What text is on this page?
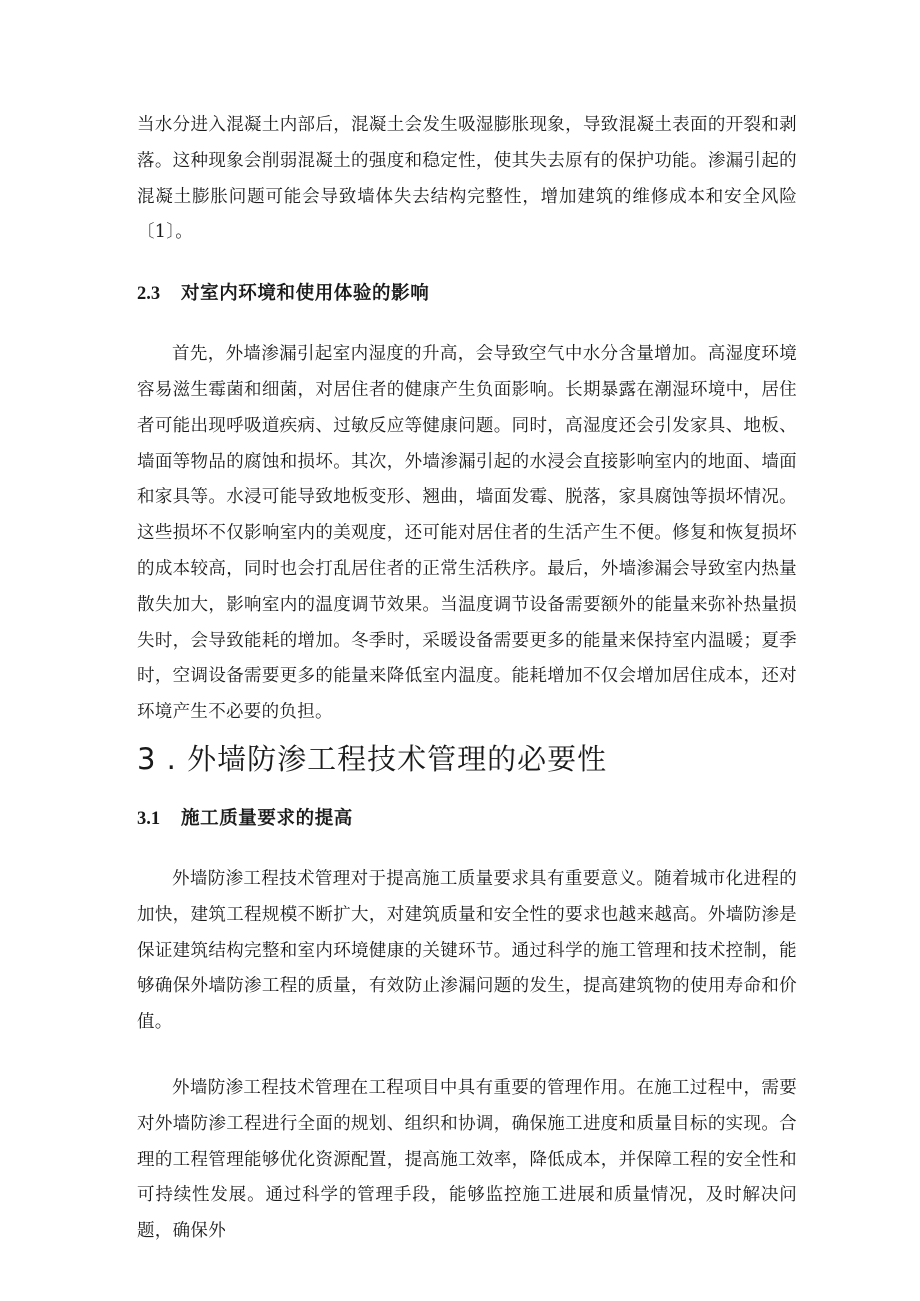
当水分进入混凝土内部后，混凝土会发生吸湿膨胀现象，导致混凝土表面的开裂和剥落。这种现象会削弱混凝土的强度和稳定性，使其失去原有的保护功能。渗漏引起的混凝土膨胀问题可能会导致墙体失去结构完整性，增加建筑的维修成本和安全风险〔1〕。

2.3	对室内环境和使用体验的影响

首先，外墙渗漏引起室内湿度的升高，会导致空气中水分含量增加。高湿度环境容易滋生霉菌和细菌，对居住者的健康产生负面影响。长期暴露在潮湿环境中，居住者可能出现呼吸道疾病、过敏反应等健康问题。同时，高湿度还会引发家具、地板、墙面等物品的腐蚀和损坏。其次，外墙渗漏引起的水浸会直接影响室内的地面、墙面和家具等。水浸可能导致地板变形、翘曲，墙面发霉、脱落，家具腐蚀等损坏情况。这些损坏不仅影响室内的美观度，还可能对居住者的生活产生不便。修复和恢复损坏的成本较高，同时也会打乱居住者的正常生活秩序。最后，外墙渗漏会导致室内热量散失加大，影响室内的温度调节效果。当温度调节设备需要额外的能量来弥补热量损失时，会导致能耗的增加。冬季时，采暖设备需要更多的能量来保持室内温暖；夏季时，空调设备需要更多的能量来降低室内温度。能耗增加不仅会增加居住成本，还对环境产生不必要的负担。

3 . 外墙防渗工程技术管理的必要性
3.1	施工质量要求的提高

外墙防渗工程技术管理对于提高施工质量要求具有重要意义。随着城市化进程的加快，建筑工程规模不断扩大，对建筑质量和安全性的要求也越来越高。外墙防渗是保证建筑结构完整和室内环境健康的关键环节。通过科学的施工管理和技术控制，能够确保外墙防渗工程的质量，有效防止渗漏问题的发生，提高建筑物的使用寿命和价值。

外墙防渗工程技术管理在工程项目中具有重要的管理作用。在施工过程中，需要对外墙防渗工程进行全面的规划、组织和协调，确保施工进度和质量目标的实现。合理的工程管理能够优化资源配置，提高施工效率，降低成本，并保障工程的安全性和可持续性发展。通过科学的管理手段，能够监控施工进展和质量情况，及时解决问题，确保外
